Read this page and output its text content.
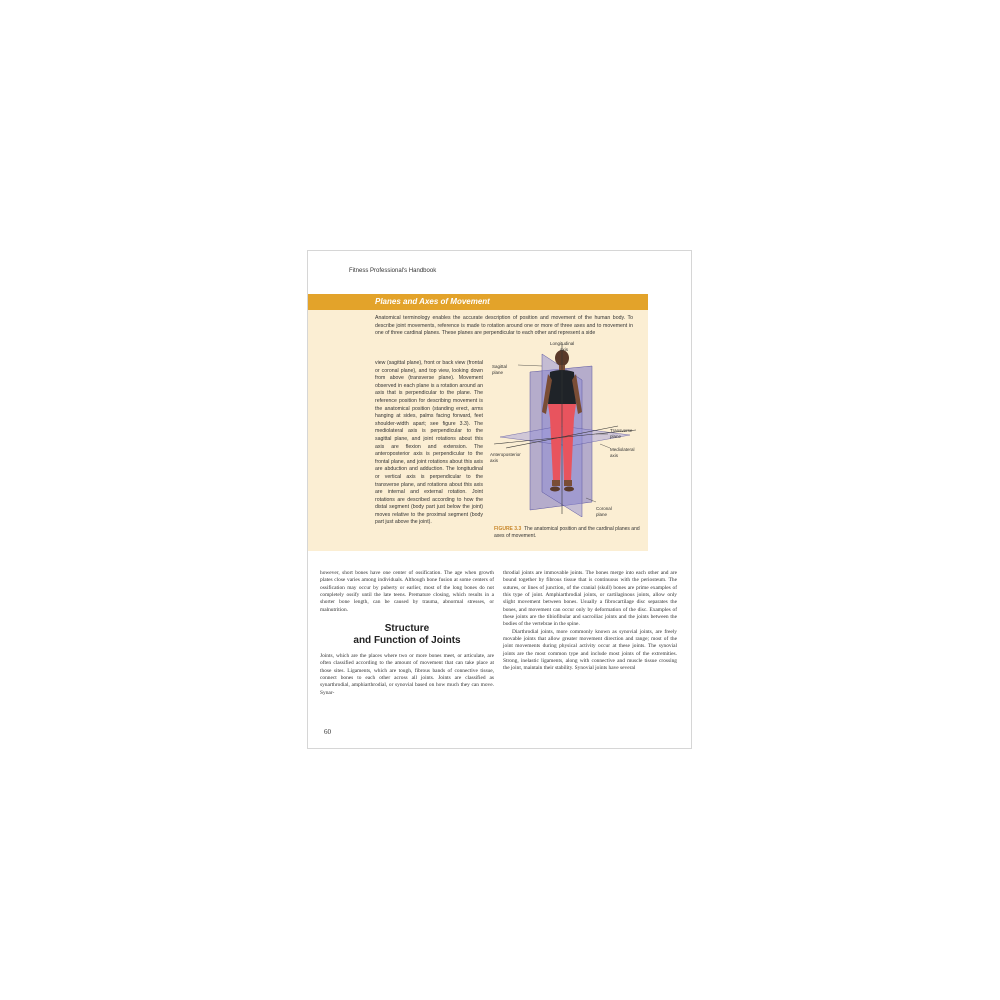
Fitness Professional's Handbook
Planes and Axes of Movement

Anatomical terminology enables the accurate description of position and movement of the human body. To describe joint movements, reference is made to rotation around one or more of three axes and to movement in one of three cardinal planes. These planes are perpendicular to each other and represent a side

view (sagittal plane), front or back view (frontal or coronal plane), and top view, looking down from above (transverse plane). Movement observed in each plane is a rotation around an axis that is perpendicular to the plane. The reference position for describing movement is the anatomical position (standing erect, arms hanging at sides, palms facing forward, feet shoulder-width apart; see figure 3.3). The mediolateral axis is perpendicular to the sagittal plane, and joint rotations about this axis are flexion and extension. The anteroposterior axis is perpendicular to the frontal plane, and joint rotations about this axis are abduction and adduction. The longitudinal or vertical axis is perpendicular to the transverse plane, and rotations about this axis are internal and external rotation. Joint rotations are described according to how the distal segment (body part just below the joint) moves relative to the proximal segment (body part just above the joint).

Longitudinal
axis
Sagittal
plane
Transverse
plane
Mediolateral
axis
Anteroposterior
axis
Coronal
plane
FIGURE 3.3 The anatomical position and the cardinal planes and axes of movement.

however, short bones have one center of ossification. The age when growth plates close varies among individuals. Although bone fusion at some centers of ossification may occur by puberty or earlier, most of the long bones do not completely ossify until the late teens. Premature closing, which results in a shorter bone length, can be caused by trauma, abnormal stresses, or malnutrition.

Structure
and Function of Joints

Joints, which are the places where two or more bones meet, or articulate, are often classified according to the amount of movement that can take place at those sites. Ligaments, which are tough, fibrous bands of connective tissue, connect bones to each other across all joints. Joints are classified as synarthrodial, amphiarthrodial, or synovial based on how much they can move. Synar-

throdial joints are immovable joints. The bones merge into each other and are bound together by fibrous tissue that is continuous with the periosteum. The sutures, or lines of junction, of the cranial (skull) bones are prime examples of this type of joint. Amphiarthrodial joints, or cartilaginous joints, allow only slight movement between bones. Usually a fibrocartilage disc separates the bones, and movement can occur only by deformation of the disc. Examples of these joints are the tibiofibular and sacroiliac joints and the joints between the bodies of the vertebrae in the spine.

Diarthrodial joints, more commonly known as synovial joints, are freely movable joints that allow greater movement direction and range; most of the joint movements during physical activity occur at these joints. The synovial joints are the most common type and include most joints of the extremities. Strong, inelastic ligaments, along with connective and muscle tissue crossing the joint, maintain their stability. Synovial joints have several

60
